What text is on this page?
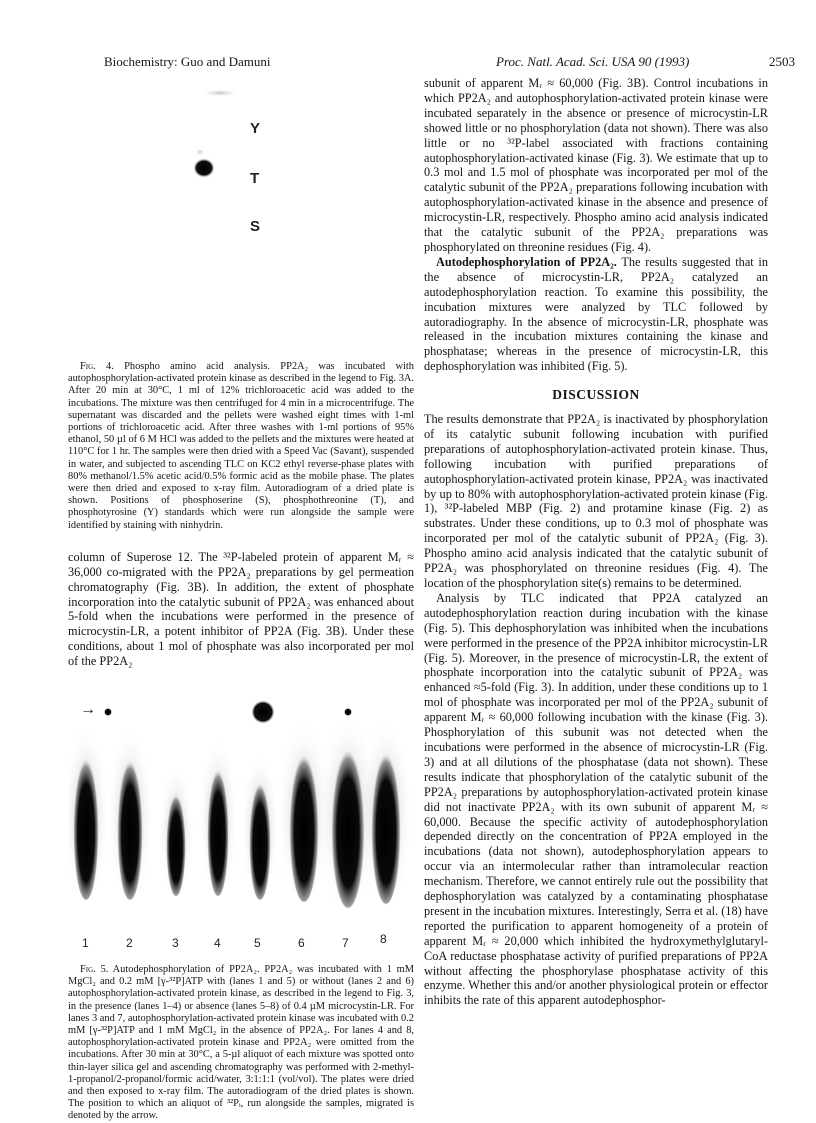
Biochemistry: Guo and Damuni	Proc. Natl. Acad. Sci. USA 90 (1993)	2503
Y
T
S

Fig. 4. Phospho amino acid analysis. PP2A₂ was incubated with autophosphorylation-activated protein kinase as described in the legend to Fig. 3A. After 20 min at 30°C, 1 ml of 12% trichloroacetic acid was added to the incubations. The mixture was then centrifuged for 4 min in a microcentrifuge. The supernatant was discarded and the pellets were washed eight times with 1-ml portions of trichloroacetic acid. After three washes with 1-ml portions of 95% ethanol, 50 µl of 6 M HCl was added to the pellets and the mixtures were heated at 110°C for 1 hr. The samples were then dried with a Speed Vac (Savant), suspended in water, and subjected to ascending TLC on KC2 ethyl reverse-phase plates with 80% methanol/1.5% acetic acid/0.5% formic acid as the mobile phase. The plates were then dried and exposed to x-ray film. Autoradiogram of a dried plate is shown. Positions of phosphoserine (S), phosphothreonine (T), and phosphotyrosine (Y) standards which were run alongside the sample were identified by staining with ninhydrin.

column of Superose 12. The ³²P-labeled protein of apparent Mᵣ ≈ 36,000 co-migrated with the PP2A₂ preparations by gel permeation chromatography (Fig. 3B). In addition, the extent of phosphate incorporation into the catalytic subunit of PP2A₂ was enhanced about 5-fold when the incubations were performed in the presence of microcystin-LR, a potent inhibitor of PP2A (Fig. 3B). Under these conditions, about 1 mol of phosphate was also incorporated per mol of the PP2A₂

→
1	2	3	4	5	6	7	8

Fig. 5. Autodephosphorylation of PP2A₂. PP2A₂ was incubated with 1 mM MgCl₂ and 0.2 mM [γ-³²P]ATP with (lanes 1 and 5) or without (lanes 2 and 6) autophosphorylation-activated protein kinase, as described in the legend to Fig. 3, in the presence (lanes 1–4) or absence (lanes 5–8) of 0.4 µM microcystin-LR. For lanes 3 and 7, autophosphorylation-activated protein kinase was incubated with 0.2 mM [γ-³²P]ATP and 1 mM MgCl₂ in the absence of PP2A₂. For lanes 4 and 8, autophosphorylation-activated protein kinase and PP2A₂ were omitted from the incubations. After 30 min at 30°C, a 5-µl aliquot of each mixture was spotted onto thin-layer silica gel and ascending chromatography was performed with 2-methyl-1-propanol/2-propanol/formic acid/water, 3:1:1:1 (vol/vol). The plates were dried and then exposed to x-ray film. The autoradiogram of the dried plates is shown. The position to which an aliquot of ³²Pᵢ, run alongside the samples, migrated is denoted by the arrow.

subunit of apparent Mᵣ ≈ 60,000 (Fig. 3B). Control incubations in which PP2A₂ and autophosphorylation-activated protein kinase were incubated separately in the absence or presence of microcystin-LR showed little or no phosphorylation (data not shown). There was also little or no ³²P-label associated with fractions containing autophosphorylation-activated kinase (Fig. 3). We estimate that up to 0.3 mol and 1.5 mol of phosphate was incorporated per mol of the catalytic subunit of the PP2A₂ preparations following incubation with autophosphorylation-activated kinase in the absence and presence of microcystin-LR, respectively. Phospho amino acid analysis indicated that the catalytic subunit of the PP2A₂ preparations was phosphorylated on threonine residues (Fig. 4).

Autodephosphorylation of PP2A₂. The results suggested that in the absence of microcystin-LR, PP2A₂ catalyzed an autodephosphorylation reaction. To examine this possibility, the incubation mixtures were analyzed by TLC followed by autoradiography. In the absence of microcystin-LR, phosphate was released in the incubation mixtures containing the kinase and phosphatase; whereas in the presence of microcystin-LR, this dephosphorylation was inhibited (Fig. 5).

DISCUSSION

The results demonstrate that PP2A₂ is inactivated by phosphorylation of its catalytic subunit following incubation with purified preparations of autophosphorylation-activated protein kinase. Thus, following incubation with purified preparations of autophosphorylation-activated protein kinase, PP2A₂ was inactivated by up to 80% with autophosphorylation-activated protein kinase (Fig. 1), ³²P-labeled MBP (Fig. 2) and protamine kinase (Fig. 2) as substrates. Under these conditions, up to 0.3 mol of phosphate was incorporated per mol of the catalytic subunit of PP2A₂ (Fig. 3). Phospho amino acid analysis indicated that the catalytic subunit of PP2A₂ was phosphorylated on threonine residues (Fig. 4). The location of the phosphorylation site(s) remains to be determined.

Analysis by TLC indicated that PP2A catalyzed an autodephosphorylation reaction during incubation with the kinase (Fig. 5). This dephosphorylation was inhibited when the incubations were performed in the presence of the PP2A inhibitor microcystin-LR (Fig. 5). Moreover, in the presence of microcystin-LR, the extent of phosphate incorporation into the catalytic subunit of PP2A₂ was enhanced ≈5-fold (Fig. 3). In addition, under these conditions up to 1 mol of phosphate was incorporated per mol of the PP2A₂ subunit of apparent Mᵣ ≈ 60,000 following incubation with the kinase (Fig. 3). Phosphorylation of this subunit was not detected when the incubations were performed in the absence of microcystin-LR (Fig. 3) and at all dilutions of the phosphatase (data not shown). These results indicate that phosphorylation of the catalytic subunit of the PP2A₂ preparations by autophosphorylation-activated protein kinase did not inactivate PP2A₂ with its own subunit of apparent Mᵣ ≈ 60,000. Because the specific activity of autodephosphorylation depended directly on the concentration of PP2A employed in the incubations (data not shown), autodephosphorylation appears to occur via an intermolecular rather than intramolecular reaction mechanism. Therefore, we cannot entirely rule out the possibility that dephosphorylation was catalyzed by a contaminating phosphatase present in the incubation mixtures. Interestingly, Serra et al. (18) have reported the purification to apparent homogeneity of a protein of apparent Mᵣ ≈ 20,000 which inhibited the hydroxymethylglutaryl-CoA reductase phosphatase activity of purified preparations of PP2A without affecting the phosphorylase phosphatase activity of this enzyme. Whether this and/or another physiological protein or effector inhibits the rate of this apparent autodephosphor-
